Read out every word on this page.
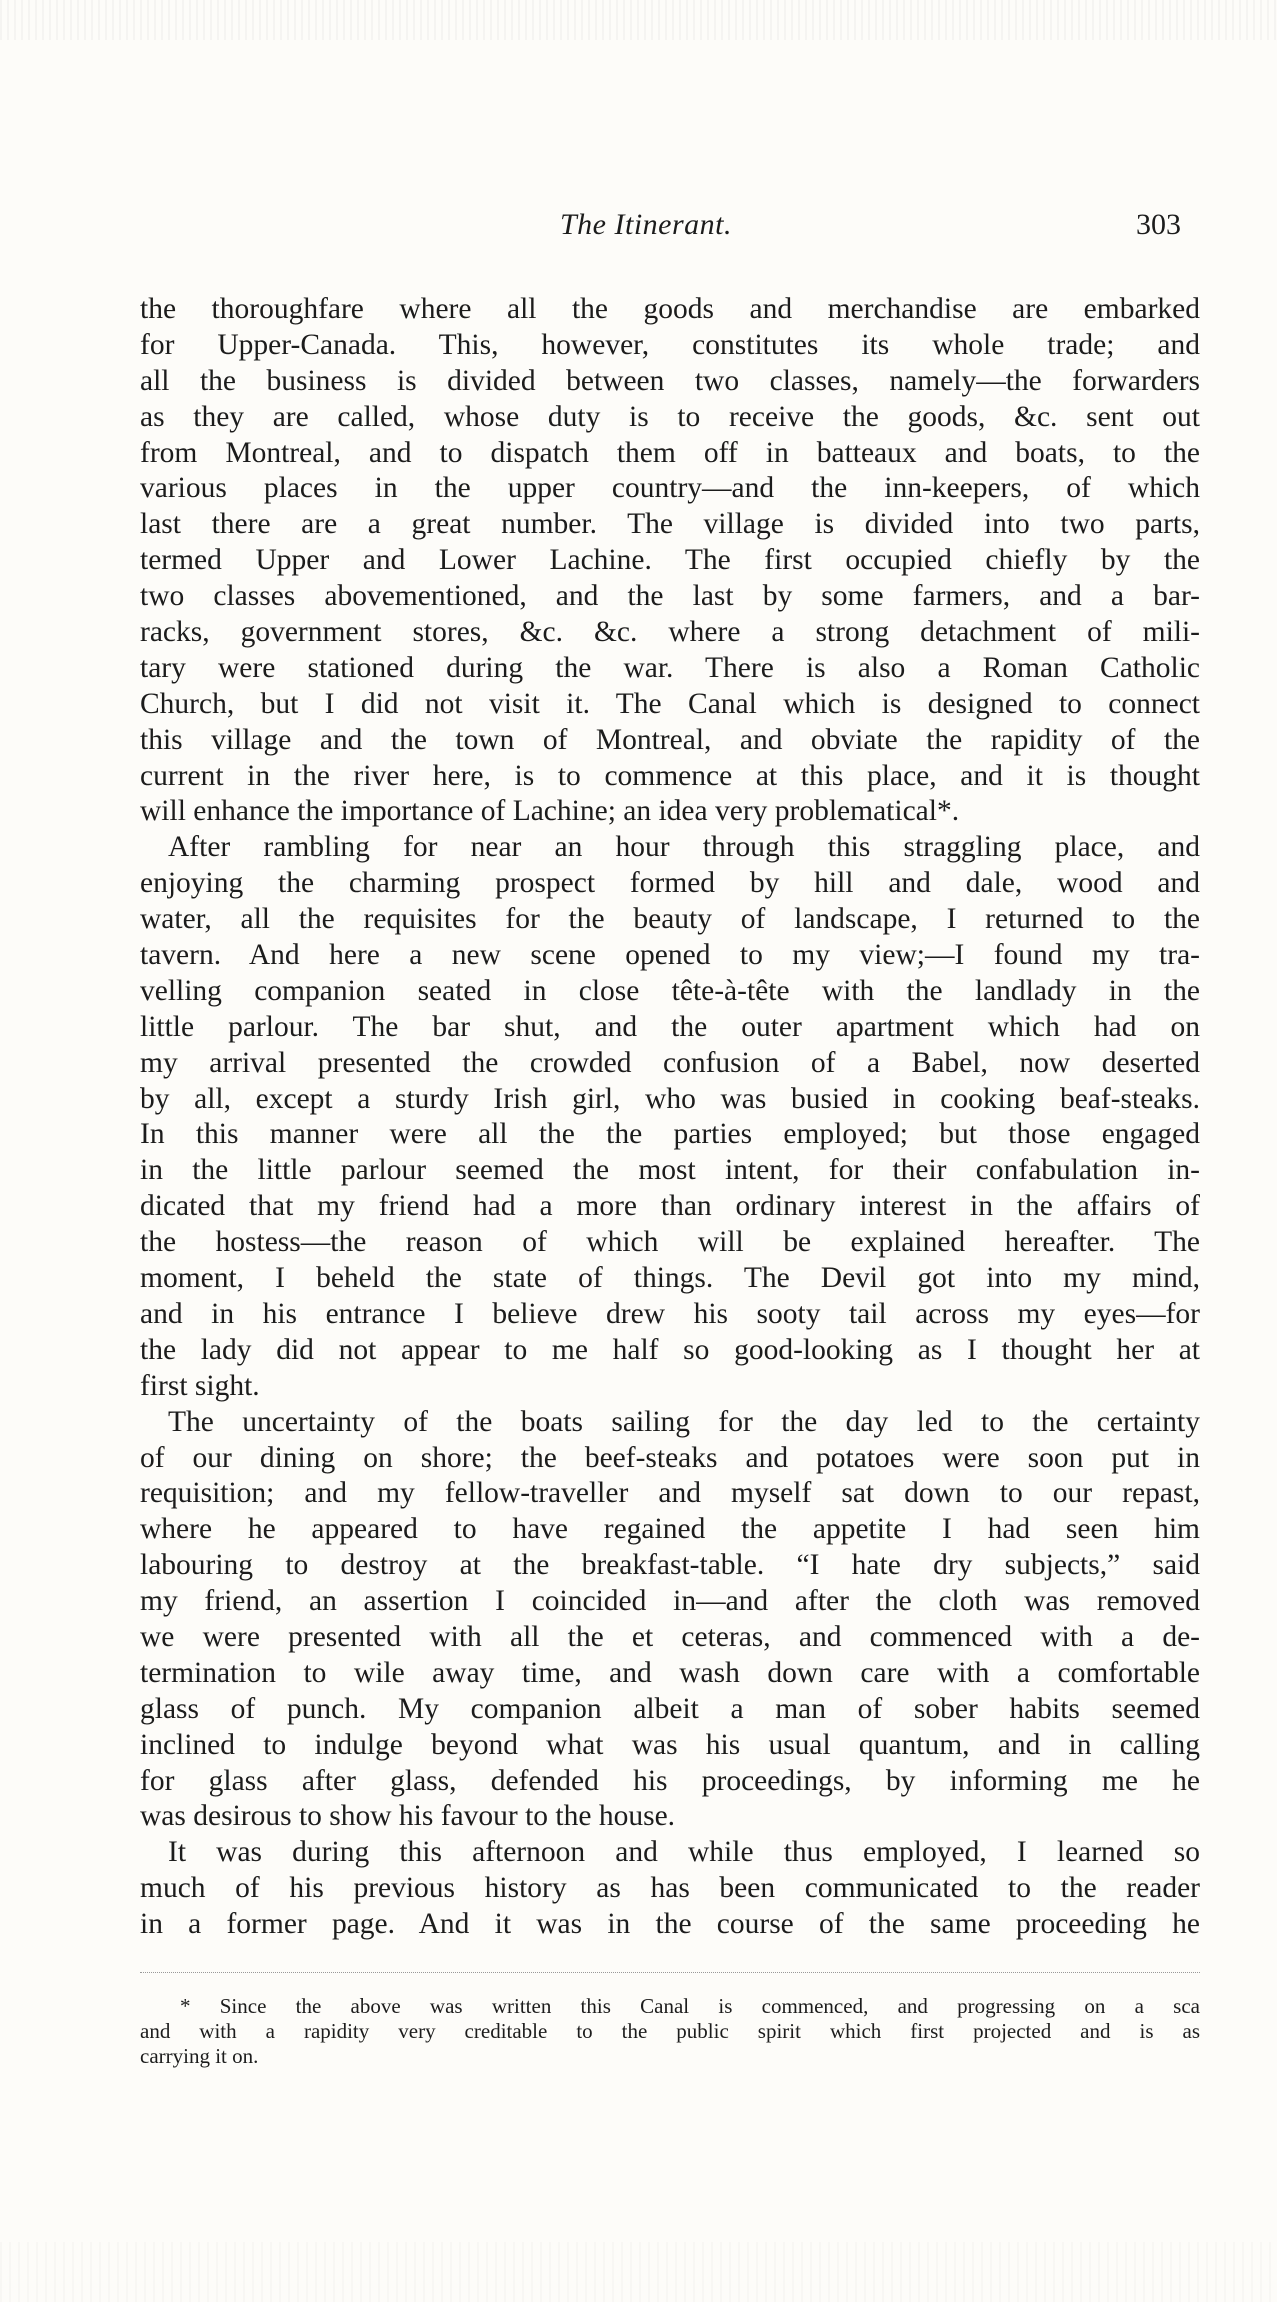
The Itinerant.	303
the thoroughfare where all the goods and merchandise are embarked
for Upper-Canada. This, however, constitutes its whole trade; and
all the business is divided between two classes, namely—the forwarders
as they are called, whose duty is to receive the goods, &c. sent out
from Montreal, and to dispatch them off in batteaux and boats, to the
various places in the upper country—and the inn-keepers, of which
last there are a great number. The village is divided into two parts,
termed Upper and Lower Lachine. The first occupied chiefly by the
two classes abovementioned, and the last by some farmers, and a bar-
racks, government stores, &c. &c. where a strong detachment of mili-
tary were stationed during the war. There is also a Roman Catholic
Church, but I did not visit it. The Canal which is designed to connect
this village and the town of Montreal, and obviate the rapidity of the
current in the river here, is to commence at this place, and it is thought
will enhance the importance of Lachine; an idea very problematical*.
After rambling for near an hour through this straggling place, and
enjoying the charming prospect formed by hill and dale, wood and
water, all the requisites for the beauty of landscape, I returned to the
tavern. And here a new scene opened to my view;—I found my tra-
velling companion seated in close tête-à-tête with the landlady in the
little parlour. The bar shut, and the outer apartment which had on
my arrival presented the crowded confusion of a Babel, now deserted
by all, except a sturdy Irish girl, who was busied in cooking beaf-steaks.
In this manner were all the the parties employed; but those engaged
in the little parlour seemed the most intent, for their confabulation in-
dicated that my friend had a more than ordinary interest in the affairs of
the hostess—the reason of which will be explained hereafter. The
moment, I beheld the state of things. The Devil got into my mind,
and in his entrance I believe drew his sooty tail across my eyes—for
the lady did not appear to me half so good-looking as I thought her at
first sight.
The uncertainty of the boats sailing for the day led to the certainty
of our dining on shore; the beef-steaks and potatoes were soon put in
requisition; and my fellow-traveller and myself sat down to our repast,
where he appeared to have regained the appetite I had seen him
labouring to destroy at the breakfast-table. “I hate dry subjects,” said
my friend, an assertion I coincided in—and after the cloth was removed
we were presented with all the et ceteras, and commenced with a de-
termination to wile away time, and wash down care with a comfortable
glass of punch. My companion albeit a man of sober habits seemed
inclined to indulge beyond what was his usual quantum, and in calling
for glass after glass, defended his proceedings, by informing me he
was desirous to show his favour to the house.
It was during this afternoon and while thus employed, I learned so
much of his previous history as has been communicated to the reader
in a former page. And it was in the course of the same proceeding he
* Since the above was written this Canal is commenced, and progressing on a sca
and with a rapidity very creditable to the public spirit which first projected and is as
carrying it on.
